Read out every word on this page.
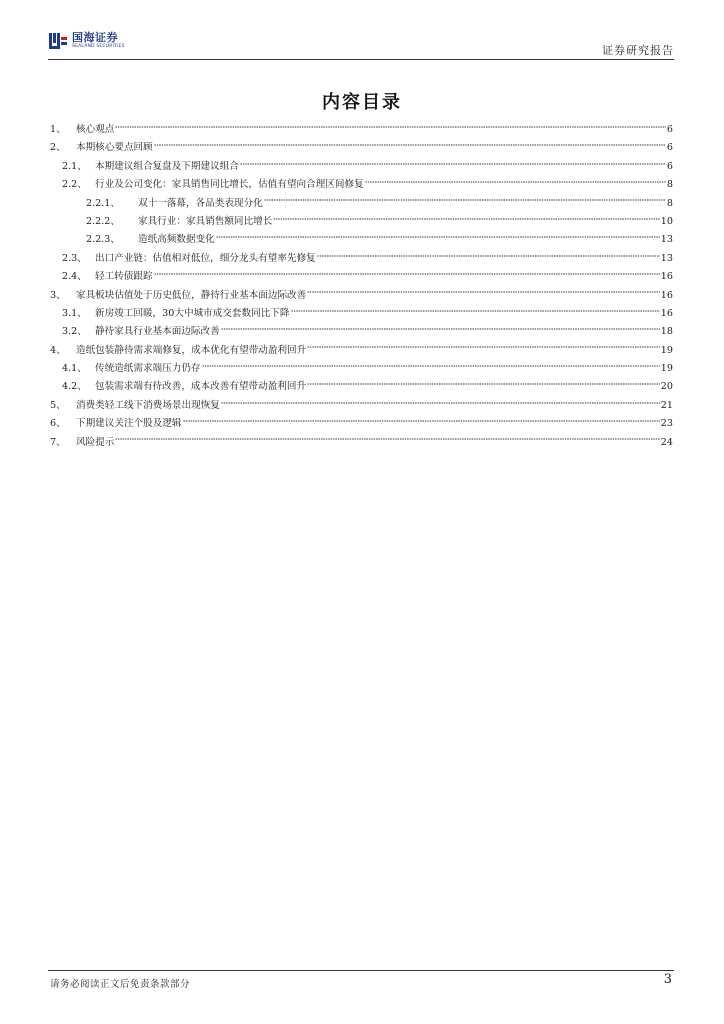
国海证券
SEALAND SECURITIES	证券研究报告
内容目录
1、	核心观点	6
2、	本期核心要点回顾	6
2.1、 本期建议组合复盘及下期建议组合	6
2.2、 行业及公司变化：家具销售同比增长，估值有望向合理区间修复	8
2.2.1、	双十一落幕，各品类表现分化	8
2.2.2、	家具行业：家具销售额同比增长	10
2.2.3、	造纸高频数据变化	13
2.3、 出口产业链：估值相对低位，细分龙头有望率先修复	13
2.4、 轻工转债跟踪	16
3、	家具板块估值处于历史低位，静待行业基本面边际改善	16
3.1、 新房竣工回暖，30大中城市成交套数同比下降	16
3.2、 静待家具行业基本面边际改善	18
4、	造纸包装静待需求端修复，成本优化有望带动盈利回升	19
4.1、 传统造纸需求端压力仍存	19
4.2、 包装需求端有待改善，成本改善有望带动盈利回升	20
5、	消费类轻工线下消费场景出现恢复	21
6、	下期建议关注个股及逻辑	23
7、	风险提示	24
请务必阅读正文后免责条款部分	3
